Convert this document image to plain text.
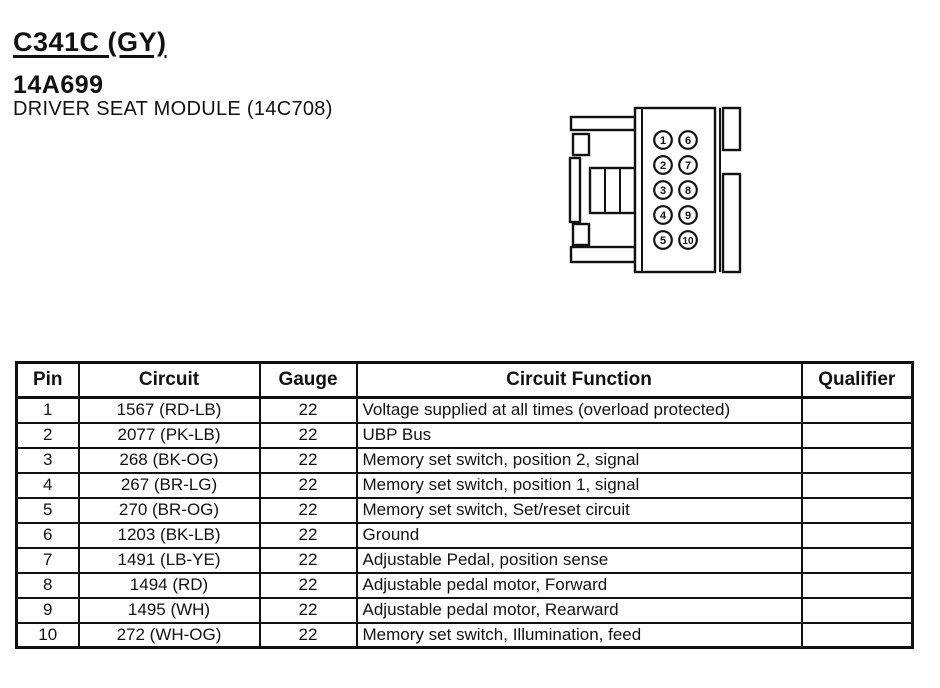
C341C (GY)
14A699
DRIVER SEAT MODULE (14C708)
1
2
3
4
5
6
7
8
9
10
Pin	Circuit	Gauge	Circuit Function	Qualifier
1	1567 (RD-LB)	22	Voltage supplied at all times (overload protected)	
2	2077 (PK-LB)	22	UBP Bus	
3	268 (BK-OG)	22	Memory set switch, position 2, signal	
4	267 (BR-LG)	22	Memory set switch, position 1, signal	
5	270 (BR-OG)	22	Memory set switch, Set/reset circuit	
6	1203 (BK-LB)	22	Ground	
7	1491 (LB-YE)	22	Adjustable Pedal, position sense	
8	1494 (RD)	22	Adjustable pedal motor, Forward	
9	1495 (WH)	22	Adjustable pedal motor, Rearward	
10	272 (WH-OG)	22	Memory set switch, Illumination, feed	
